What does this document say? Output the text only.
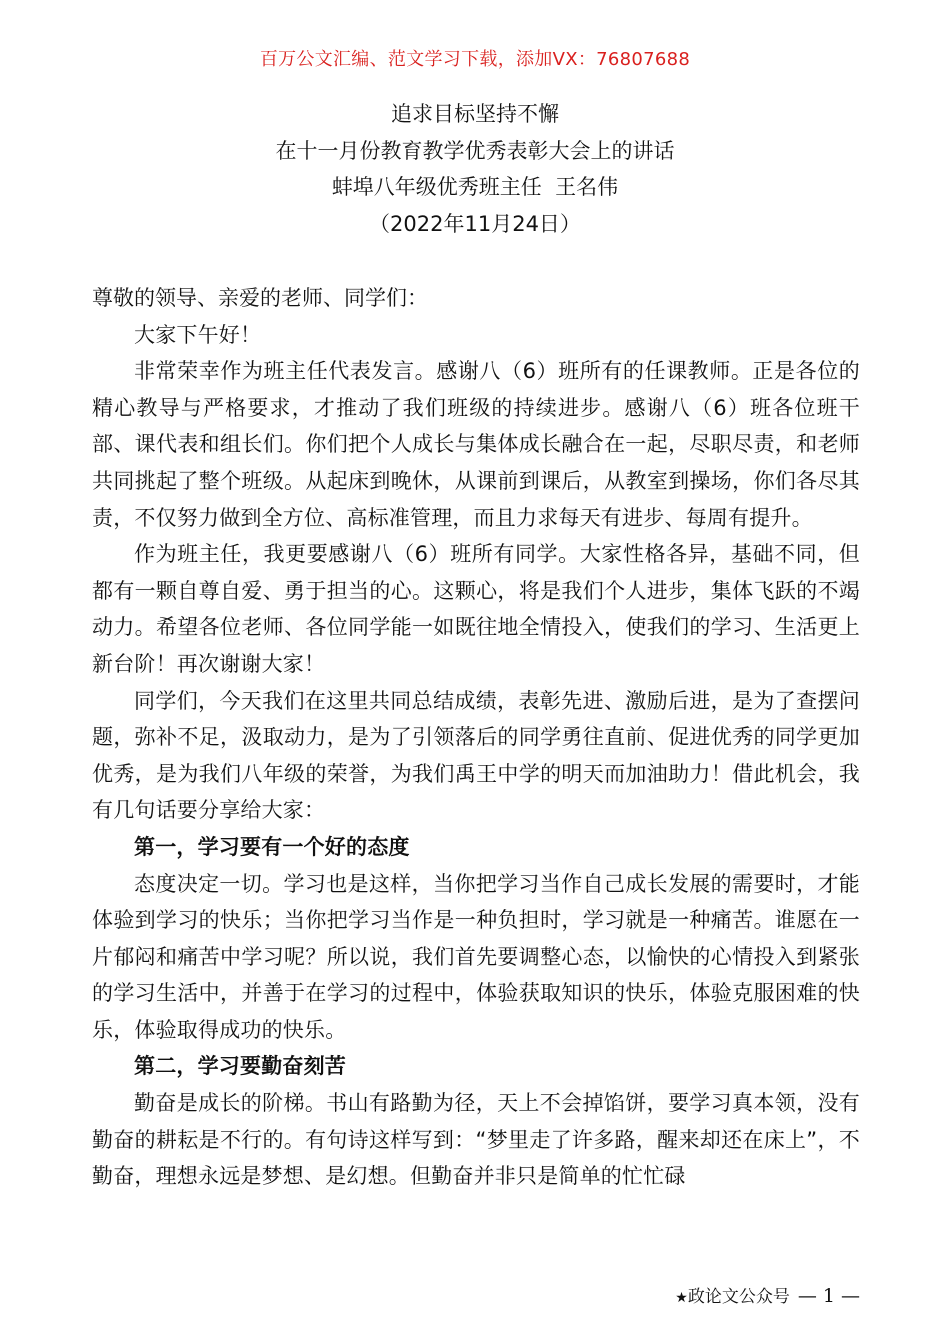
百万公文汇编、范文学习下载，添加VX：76807688
追求目标坚持不懈
在十一月份教育教学优秀表彰大会上的讲话
蚌埠八年级优秀班主任  王名伟
（2022年11月24日）
尊敬的领导、亲爱的老师、同学们：

大家下午好！

非常荣幸作为班主任代表发言。感谢八（6）班所有的任课教师。正是各位的精心教导与严格要求，才推动了我们班级的持续进步。感谢八（6）班各位班干部、课代表和组长们。你们把个人成长与集体成长融合在一起，尽职尽责，和老师共同挑起了整个班级。从起床到晚休，从课前到课后，从教室到操场，你们各尽其责，不仅努力做到全方位、高标准管理，而且力求每天有进步、每周有提升。

作为班主任，我更要感谢八（6）班所有同学。大家性格各异，基础不同，但都有一颗自尊自爱、勇于担当的心。这颗心，将是我们个人进步，集体飞跃的不竭动力。希望各位老师、各位同学能一如既往地全情投入，使我们的学习、生活更上新台阶！再次谢谢大家！

同学们，今天我们在这里共同总结成绩，表彰先进、激励后进，是为了查摆问题，弥补不足，汲取动力，是为了引领落后的同学勇往直前、促进优秀的同学更加优秀，是为我们八年级的荣誉，为我们禹王中学的明天而加油助力！借此机会，我有几句话要分享给大家：

第一，学习要有一个好的态度

态度决定一切。学习也是这样，当你把学习当作自己成长发展的需要时，才能体验到学习的快乐；当你把学习当作是一种负担时，学习就是一种痛苦。谁愿在一片郁闷和痛苦中学习呢？所以说，我们首先要调整心态，以愉快的心情投入到紧张的学习生活中，并善于在学习的过程中，体验获取知识的快乐，体验克服困难的快乐，体验取得成功的快乐。

第二，学习要勤奋刻苦

勤奋是成长的阶梯。书山有路勤为径，天上不会掉馅饼，要学习真本领，没有勤奋的耕耘是不行的。有句诗这样写到：“梦里走了许多路，醒来却还在床上”，不勤奋，理想永远是梦想、是幻想。但勤奋并非只是简单的忙忙碌

★政论文公众号 — 1 —
